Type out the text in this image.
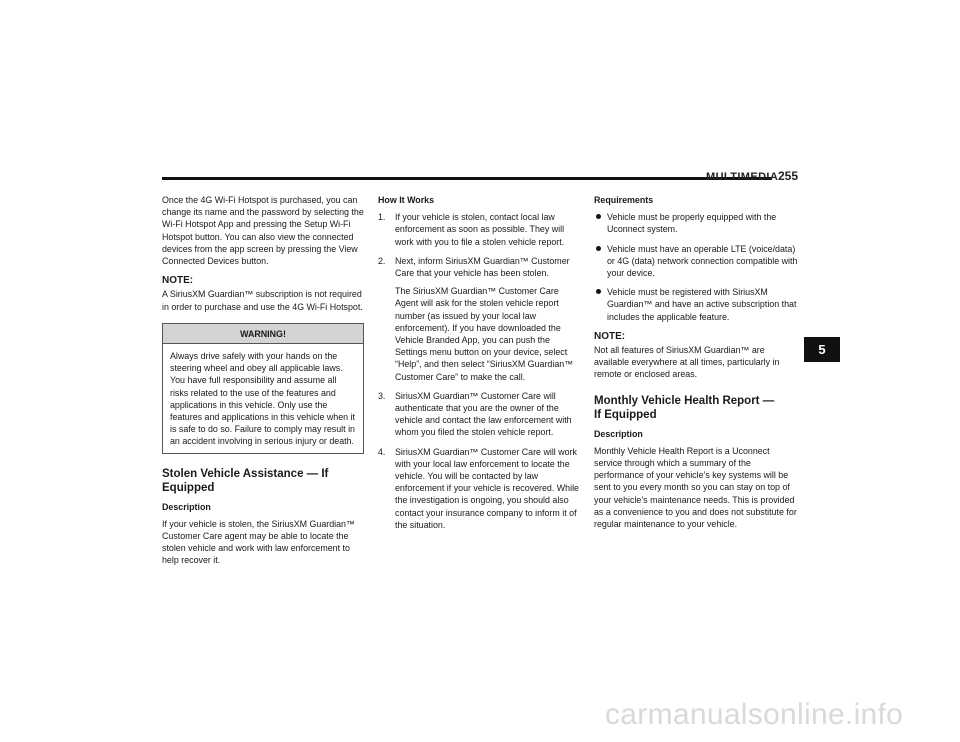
MULTIMEDIA 255

Once the 4G Wi-Fi Hotspot is purchased, you can change its name and the password by selecting the Wi-Fi Hotspot App and pressing the Setup Wi-Fi Hotspot button. You can also view the connected devices from the app screen by pressing the View Connected Devices button.

NOTE:

A SiriusXM Guardian™ subscription is not required in order to purchase and use the 4G Wi-Fi Hotspot.

WARNING!
Always drive safely with your hands on the steering wheel and obey all applicable laws. You have full responsibility and assume all risks related to the use of the features and applications in this vehicle. Only use the features and applications in this vehicle when it is safe to do so. Failure to comply may result in an accident involving in serious injury or death.
Stolen Vehicle Assistance — If Equipped
Description

If your vehicle is stolen, the SiriusXM Guardian™ Customer Care agent may be able to locate the stolen vehicle and work with law enforcement to help recover it.

How It Works
1. If your vehicle is stolen, contact local law enforcement as soon as possible. They will work with you to file a stolen vehicle report.
2. Next, inform SiriusXM Guardian™ Customer Care that your vehicle has been stolen.

The SiriusXM Guardian™ Customer Care Agent will ask for the stolen vehicle report number (as issued by your local law enforcement). If you have downloaded the Vehicle Branded App, you can push the Settings menu button on your device, select “Help”, and then select “SiriusXM Guardian™ Customer Care” to make the call.

3. SiriusXM Guardian™ Customer Care will authenticate that you are the owner of the vehicle and contact the law enforcement with whom you filed the stolen vehicle report.
4. SiriusXM Guardian™ Customer Care will work with your local law enforcement to locate the vehicle. You will be contacted by law enforcement if your vehicle is recovered. While the investigation is ongoing, you should also contact your insurance company to inform it of the situation.
Requirements
Vehicle must be properly equipped with the Uconnect system.
Vehicle must have an operable LTE (voice/data) or 4G (data) network connection compatible with your device.
Vehicle must be registered with SiriusXM Guardian™ and have an active subscription that includes the applicable feature.
NOTE:

Not all features of SiriusXM Guardian™ are available everywhere at all times, particularly in remote or enclosed areas.

Monthly Vehicle Health Report —
If Equipped
Description

Monthly Vehicle Health Report is a Uconnect service through which a summary of the performance of your vehicle’s key systems will be sent to you every month so you can stay on top of your vehicle’s maintenance needs. This is provided as a convenience to you and does not substitute for regular maintenance to your vehicle.

5
carmanualsonline.info
